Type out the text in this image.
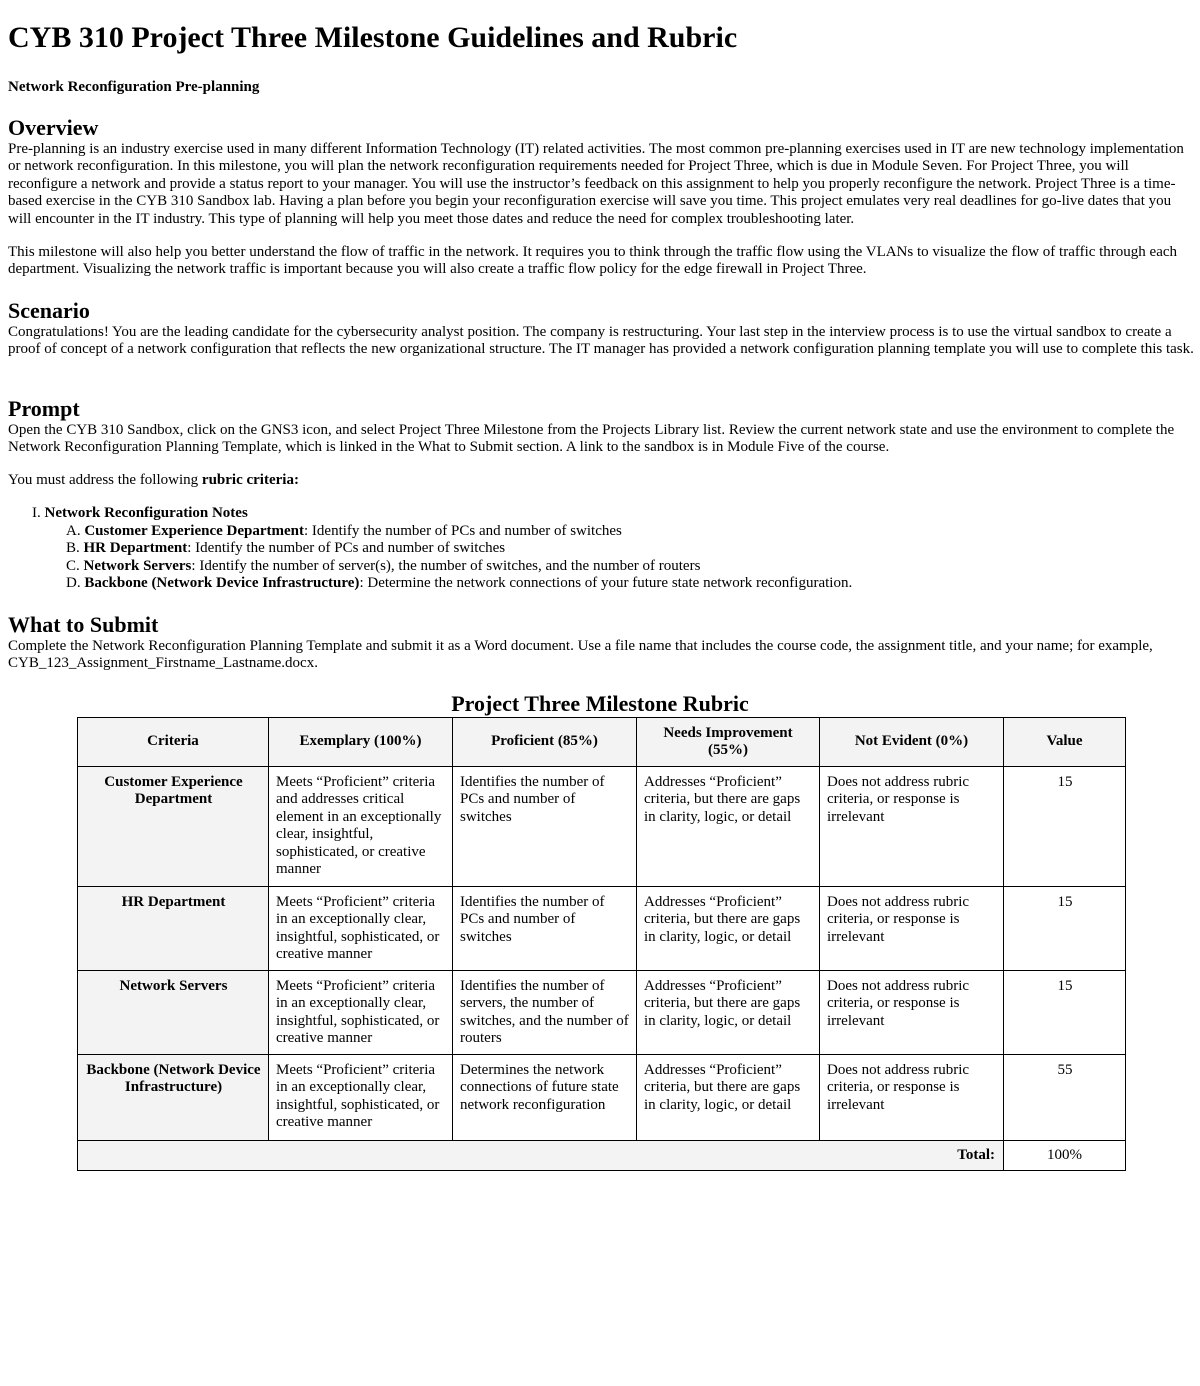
CYB 310 Project Three Milestone Guidelines and Rubric
Network Reconfiguration Pre-planning
Overview

Pre-planning is an industry exercise used in many different Information Technology (IT) related activities. The most common pre-planning exercises used in IT are new technology implementation or network reconfiguration. In this milestone, you will plan the network reconfiguration requirements needed for Project Three, which is due in Module Seven. For Project Three, you will reconfigure a network and provide a status report to your manager. You will use the instructor’s feedback on this assignment to help you properly reconfigure the network. Project Three is a time-based exercise in the CYB 310 Sandbox lab. Having a plan before you begin your reconfiguration exercise will save you time. This project emulates very real deadlines for go-live dates that you will encounter in the IT industry. This type of planning will help you meet those dates and reduce the need for complex troubleshooting later.

This milestone will also help you better understand the flow of traffic in the network. It requires you to think through the traffic flow using the VLANs to visualize the flow of traffic through each department. Visualizing the network traffic is important because you will also create a traffic flow policy for the edge firewall in Project Three.

Scenario

Congratulations! You are the leading candidate for the cybersecurity analyst position. The company is restructuring. Your last step in the interview process is to use the virtual sandbox to create a proof of concept of a network configuration that reflects the new organizational structure. The IT manager has provided a network configuration planning template you will use to complete this task.

Prompt

Open the CYB 310 Sandbox, click on the GNS3 icon, and select Project Three Milestone from the Projects Library list. Review the current network state and use the environment to complete the Network Reconfiguration Planning Template, which is linked in the What to Submit section. A link to the sandbox is in Module Five of the course.

You must address the following rubric criteria:

I. Network Reconfiguration Notes
A. Customer Experience Department: Identify the number of PCs and number of switches
B. HR Department: Identify the number of PCs and number of switches
C. Network Servers: Identify the number of server(s), the number of switches, and the number of routers
D. Backbone (Network Device Infrastructure): Determine the network connections of your future state network reconfiguration.
What to Submit

Complete the Network Reconfiguration Planning Template and submit it as a Word document. Use a file name that includes the course code, the assignment title, and your name; for example, CYB_123_Assignment_Firstname_Lastname.docx.

Project Three Milestone Rubric
Criteria	Exemplary (100%)	Proficient (85%)	Needs Improvement (55%)	Not Evident (0%)	Value
Customer Experience Department	Meets “Proficient” criteria and addresses critical element in an exceptionally clear, insightful, sophisticated, or creative manner	Identifies the number of PCs and number of switches	Addresses “Proficient” criteria, but there are gaps in clarity, logic, or detail	Does not address rubric criteria, or response is irrelevant	15
HR Department	Meets “Proficient” criteria in an exceptionally clear, insightful, sophisticated, or creative manner	Identifies the number of PCs and number of switches	Addresses “Proficient” criteria, but there are gaps in clarity, logic, or detail	Does not address rubric criteria, or response is irrelevant	15
Network Servers	Meets “Proficient” criteria in an exceptionally clear, insightful, sophisticated, or creative manner	Identifies the number of servers, the number of switches, and the number of routers	Addresses “Proficient” criteria, but there are gaps in clarity, logic, or detail	Does not address rubric criteria, or response is irrelevant	15
Backbone (Network Device Infrastructure)	Meets “Proficient” criteria in an exceptionally clear, insightful, sophisticated, or creative manner	Determines the network connections of future state network reconfiguration	Addresses “Proficient” criteria, but there are gaps in clarity, logic, or detail	Does not address rubric criteria, or response is irrelevant	55
Total:					100%
